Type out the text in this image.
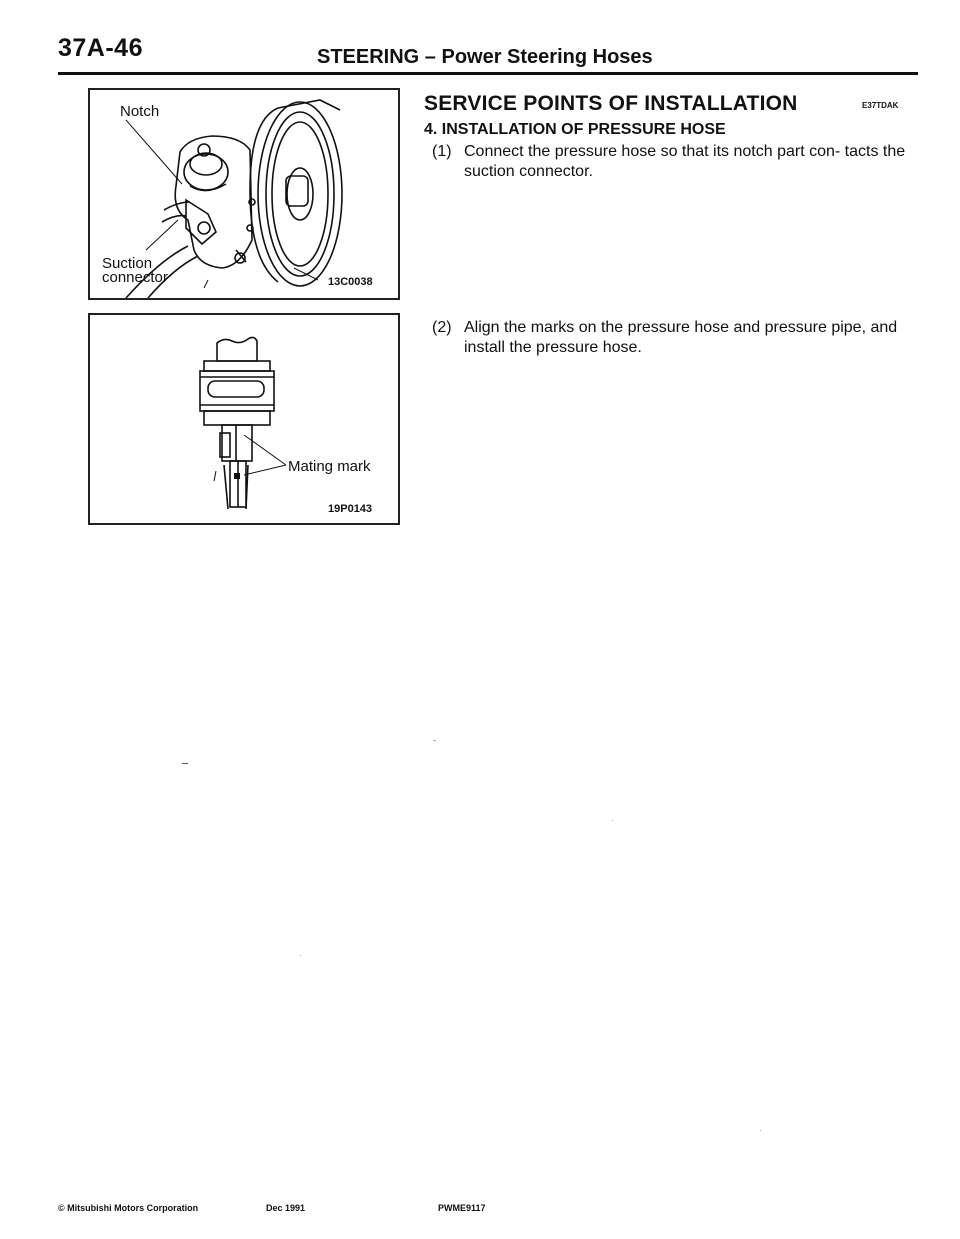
37A-46	STEERING – Power Steering Hoses
Notch
Suction
connector	13C0038
Mating mark
19P0143
SERVICE POINTS OF INSTALLATION	E37TDAK
4. INSTALLATION OF PRESSURE HOSE
(1) Connect the pressure hose so that its notch part con- tacts the suction connector.
(2) Align the marks on the pressure hose and pressure pipe, and install the pressure hose.
© Mitsubishi Motors Corporation	Dec 1991	PWME9117
